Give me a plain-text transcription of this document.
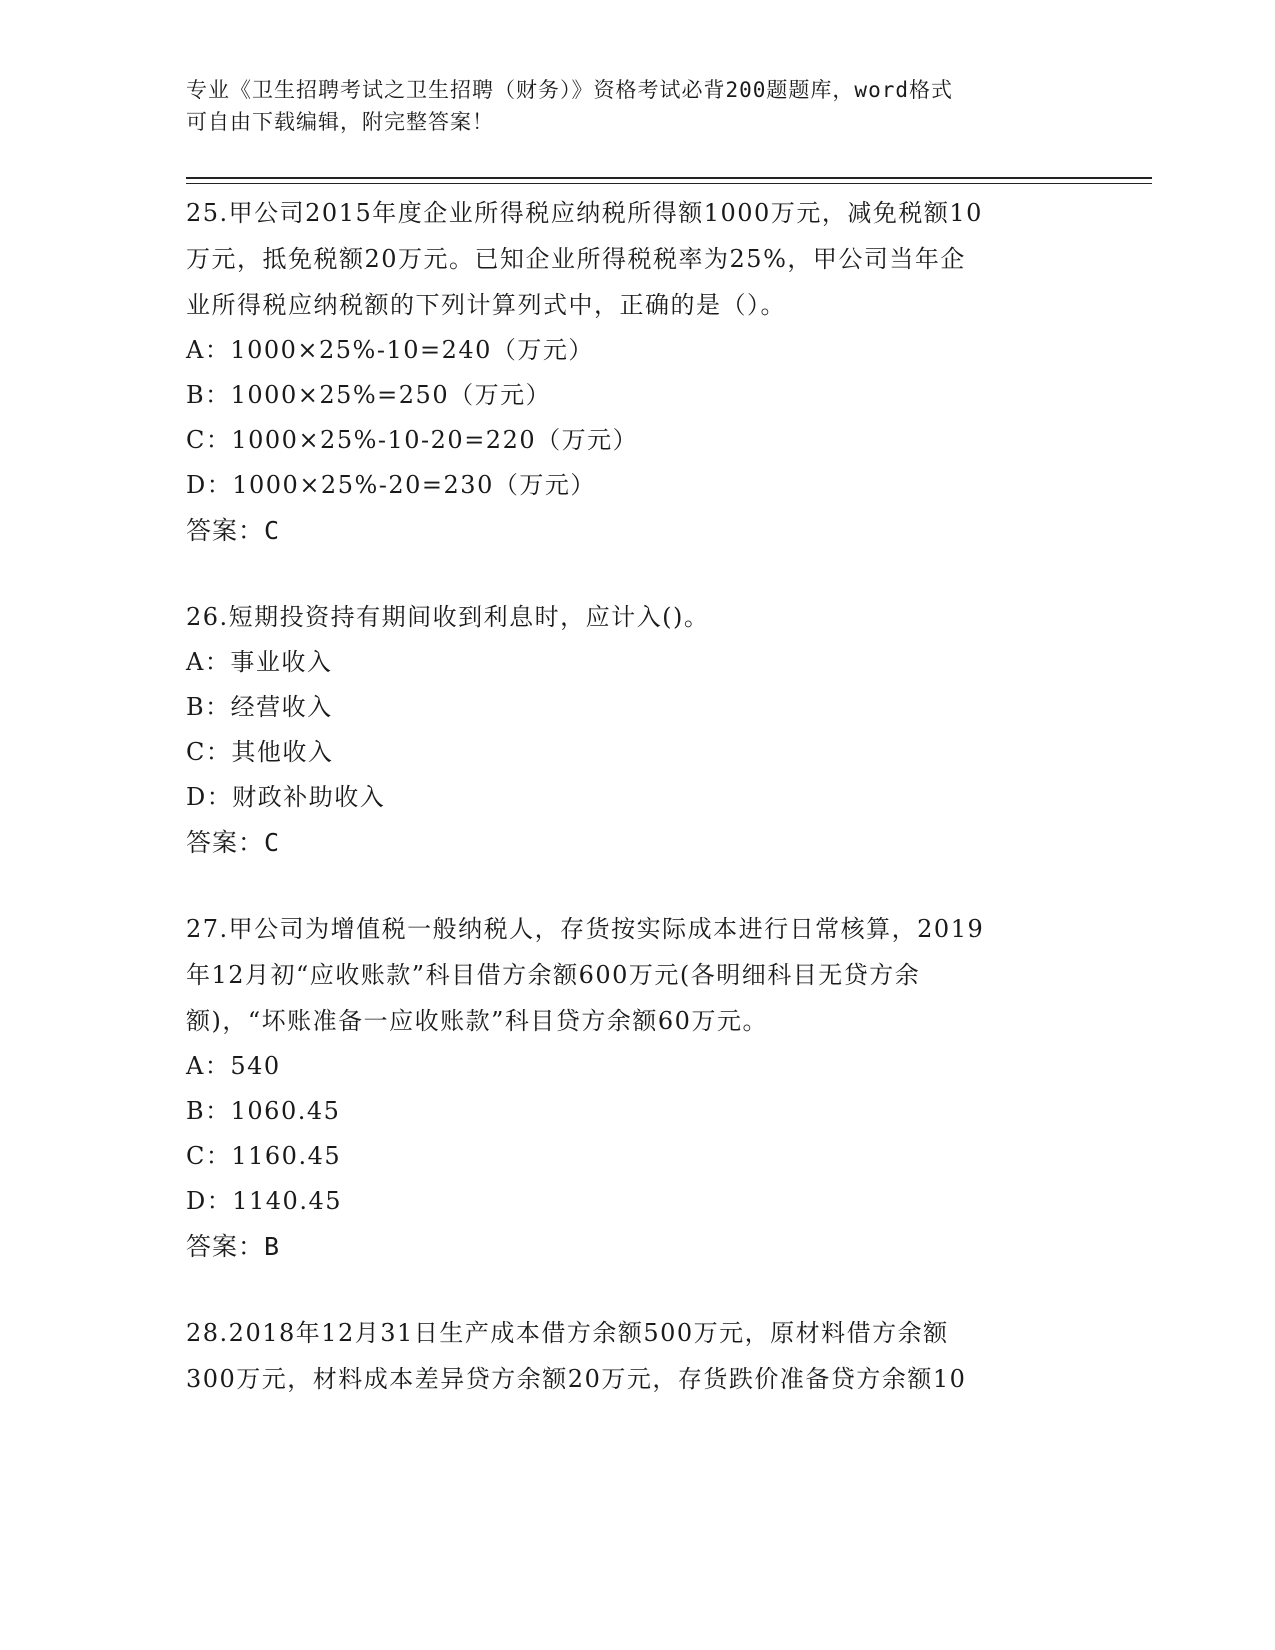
专业《卫生招聘考试之卫生招聘（财务）》资格考试必背200题题库，word格式
可自由下载编辑，附完整答案！
25.甲公司2015年度企业所得税应纳税所得额1000万元，减免税额10
万元，抵免税额20万元。已知企业所得税税率为25%，甲公司当年企
业所得税应纳税额的下列计算列式中，正确的是（）。
A：1000×25%-10=240（万元）
B：1000×25%=250（万元）
C：1000×25%-10-20=220（万元）
D：1000×25%-20=230（万元）
答案：C
26.短期投资持有期间收到利息时，应计入()。
A：事业收入
B：经营收入
C：其他收入
D：财政补助收入
答案：C
27.甲公司为增值税一般纳税人，存货按实际成本进行日常核算，2019
年12月初“应收账款”科目借方余额600万元(各明细科目无贷方余
额)，“坏账准备一应收账款”科目贷方余额60万元。
A：540
B：1060.45
C：1160.45
D：1140.45
答案：B
28.2018年12月31日生产成本借方余额500万元，原材料借方余额
300万元，材料成本差异贷方余额20万元，存货跌价准备贷方余额10
